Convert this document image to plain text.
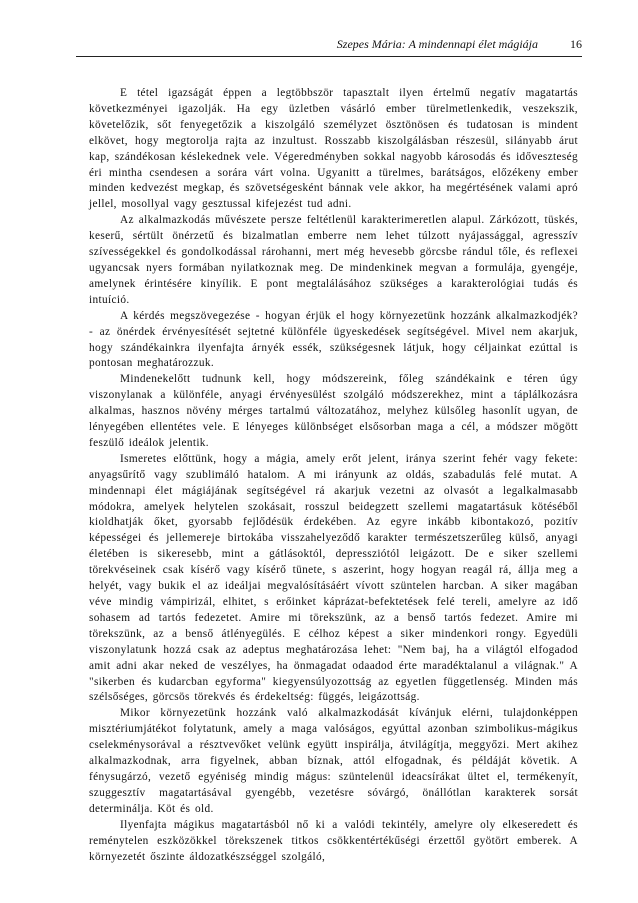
Szepes Mária: A mindennapi élet mágiája	16

E tétel igazságát éppen a legtöbbször tapasztalt ilyen értelmű negatív magatartás következményei igazolják. Ha egy üzletben vásárló ember türelmetlenkedik, veszekszik, követelőzik, sőt fenyegetőzik a kiszolgáló személyzet ösztönösen és tudatosan is mindent elkövet, hogy megtorolja rajta az inzultust. Rosszabb kiszolgálásban részesül, silányabb árut kap, szándékosan késlekednek vele. Végeredményben sokkal nagyobb károsodás és időveszteség éri mintha csendesen a sorára várt volna. Ugyanitt a türelmes, barátságos, előzékeny ember minden kedvezést megkap, és szövetségesként bánnak vele akkor, ha megértésének valami apró jellel, mosollyal vagy gesztussal kifejezést tud adni.

Az alkalmazkodás művészete persze feltétlenül karakterimeretlen alapul. Zárkózott, tüskés, keserű, sértült önérzetű és bizalmatlan emberre nem lehet túlzott nyájassággal, agresszív szívességekkel és gondolkodással rárohanni, mert még hevesebb görcsbe rándul tőle, és reflexei ugyancsak nyers formában nyilatkoznak meg. De mindenkinek megvan a formulája, gyengéje, amelynek érintésére kinyílik. E pont megtalálásához szükséges a karakterológiai tudás és intuíció.

A kérdés megszövegezése - hogyan érjük el hogy környezetünk hozzánk alkalmazkodjék? - az önérdek érvényesítését sejtetné különféle ügyeskedések segítségével. Mivel nem akarjuk, hogy szándékainkra ilyenfajta árnyék essék, szükségesnek látjuk, hogy céljainkat ezúttal is pontosan meghatározzuk.

Mindenekelőtt tudnunk kell, hogy módszereink, főleg szándékaink e téren úgy viszonylanak a különféle, anyagi érvényesülést szolgáló módszerekhez, mint a táplálkozásra alkalmas, hasznos növény mérges tartalmú változatához, melyhez külsőleg hasonlít ugyan, de lényegében ellentétes vele. E lényeges különbséget elsősorban maga a cél, a módszer mögött feszülő ideálok jelentik.

Ismeretes előttünk, hogy a mágia, amely erőt jelent, iránya szerint fehér vagy fekete: anyagsűrítő vagy szublimáló hatalom. A mi irányunk az oldás, szabadulás felé mutat. A mindennapi élet mágiájának segítségével rá akarjuk vezetni az olvasót a legalkalmasabb módokra, amelyek helytelen szokásait, rosszul beidegzett szellemi magatartásuk kötéséből kioldhatják őket, gyorsabb fejlődésük érdekében. Az egyre inkább kibontakozó, pozitív képességei és jellemereje birtokába visszahelyeződő karakter természetszerűleg külső, anyagi életében is sikeresebb, mint a gátlásoktól, depressziótól leigázott. De e siker szellemi törekvéseinek csak kísérő vagy kísérő tünete, s aszerint, hogy hogyan reagál rá, állja meg a helyét, vagy bukik el az ideáljai megvalósításáért vívott szüntelen harcban. A siker magában véve mindig vámpirizál, elhitet, s erőinket káprázat-befektetések felé tereli, amelyre az idő sohasem ad tartós fedezetet. Amire mi törekszünk, az a benső tartós fedezet. Amire mi törekszünk, az a benső átlényegülés. E célhoz képest a siker mindenkori rongy. Egyedüli viszonylatunk hozzá csak az adeptus meghatározása lehet: "Nem baj, ha a világtól elfogadod amit adni akar neked de veszélyes, ha önmagadat odaadod érte maradéktalanul a világnak." A "sikerben és kudarcban egyforma" kiegyensúlyozottság az egyetlen függetlenség. Minden más szélsőséges, görcsös törekvés és érdekeltség: függés, leigázottság.

Mikor környezetünk hozzánk való alkalmazkodását kívánjuk elérni, tulajdonképpen misztériumjátékot folytatunk, amely a maga valóságos, egyúttal azonban szimbolikus-mágikus cselekménysorával a résztvevőket velünk együtt inspirálja, átvilágítja, meggyőzi. Mert akihez alkalmazkodnak, arra figyelnek, abban bíznak, attól elfogadnak, és példáját követik. A fénysugárzó, vezető egyéniség mindig mágus: szüntelenül ideacsírákat ültet el, termékenyít, szuggesztív magatartásával gyengébb, vezetésre sóvárgó, önállótlan karakterek sorsát determinálja. Köt és old.

Ilyenfajta mágikus magatartásból nő ki a valódi tekintély, amelyre oly elkeseredett és reménytelen eszközökkel törekszenek titkos csökkentértékűségi érzettől gyötört emberek. A környezetét őszinte áldozatkészséggel szolgáló,
